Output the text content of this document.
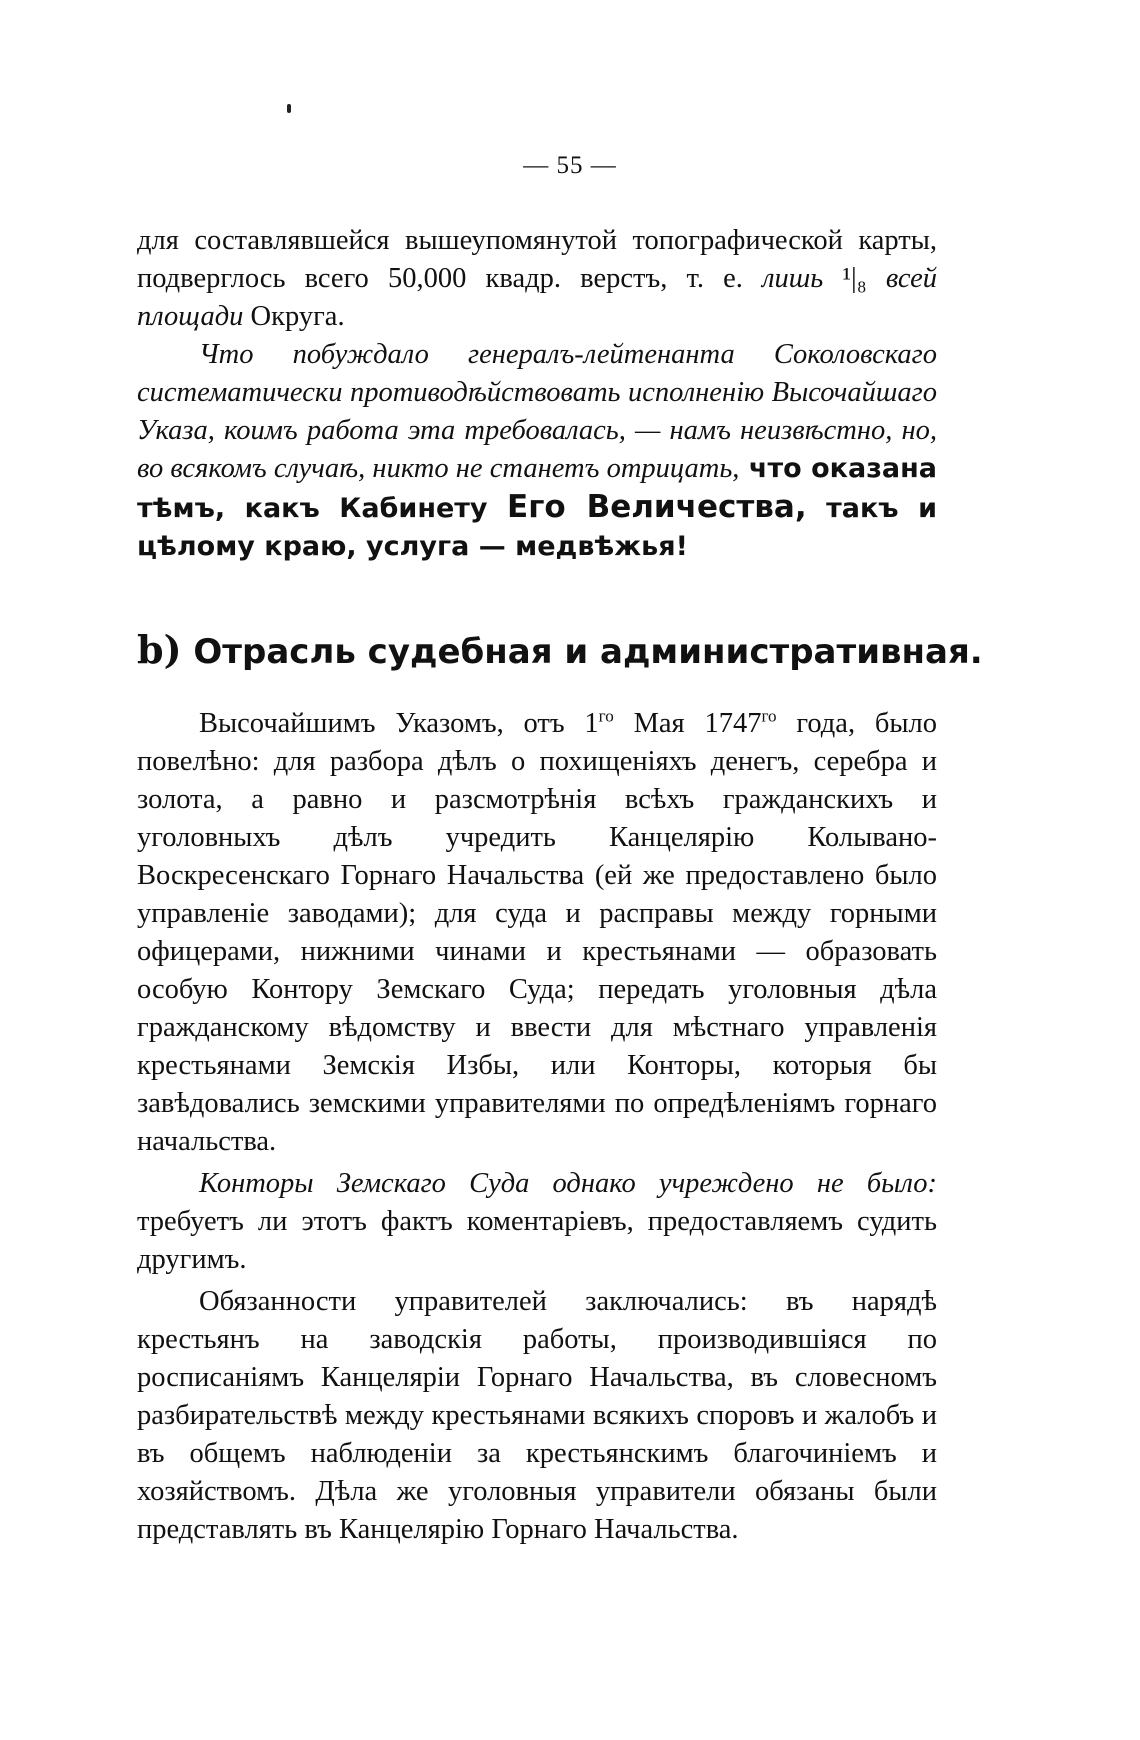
— 55 —

для составлявшейся вышеупомянутой топографической карты, подверглось всего 50,000 квадр. верстъ, т. е. лишь ¹|₈ всей площади Округа.

Что побуждало генералъ-лейтенанта Соколовскаго систематически противодѣйствовать исполненію Высочайшаго Указа, коимъ работа эта требовалась, — намъ неизвѣстно, но, во всякомъ случаѣ, никто не станетъ отрицать, что оказана тѣмъ, какъ Кабинету Его Величества, такъ и цѣлому краю, услуга — медвѣжья!

b) Отрасль судебная и административная.

Высочайшимъ Указомъ, отъ $1^{го}$ Мая $1747^{го}$ года, было повелѣно: для разбора дѣлъ о похищеніяхъ денегъ, серебра и золота, а равно и разсмотрѣнія всѣхъ гражданскихъ и уголовныхъ дѣлъ учредить Канцелярію Колывано-Воскресенскаго Горнаго Начальства (ей же предоставлено было управленіе заводами); для суда и расправы между горными офицерами, нижними чинами и крестьянами — образовать особую Контору Земскаго Суда; передать уголовныя дѣла гражданскому вѣдомству и ввести для мѣстнаго управленія крестьянами Земскія Избы, или Конторы, которыя бы завѣдовались земскими управителями по опредѣленіямъ горнаго начальства.

Конторы Земскаго Суда однако учреждено не было: требуетъ ли этотъ фактъ коментаріевъ, предоставляемъ судить другимъ.

Обязанности управителей заключались: въ нарядѣ крестьянъ на заводскія работы, производившіяся по росписаніямъ Канцеляріи Горнаго Начальства, въ словесномъ разбирательствѣ между крестьянами всякихъ споровъ и жалобъ и въ общемъ наблюденіи за крестьянскимъ благочиніемъ и хозяйствомъ. Дѣла же уголовныя управители обязаны были представлять въ Канцелярію Горнаго Начальства.
